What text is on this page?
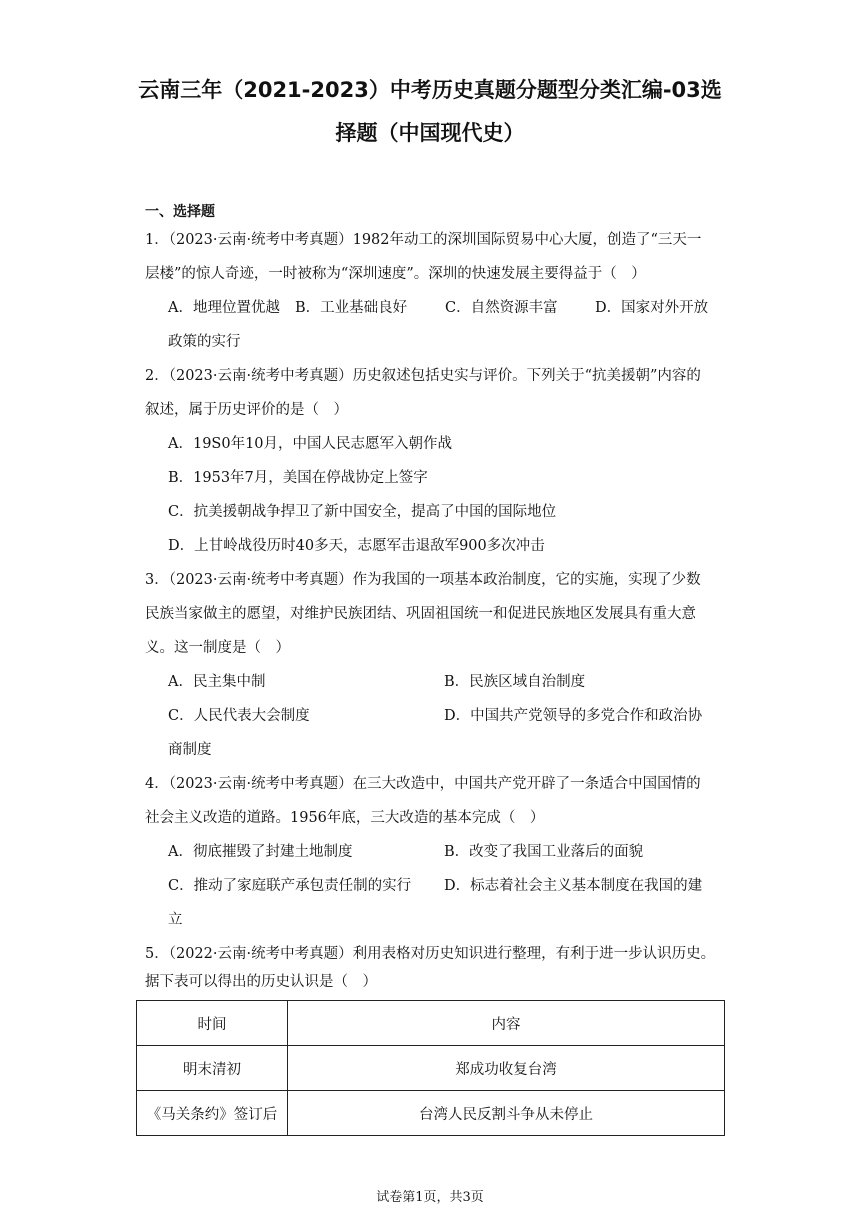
云南三年（2021-2023）中考历史真题分题型分类汇编-03选
择题（中国现代史）
一、选择题
1．（2023·云南·统考中考真题）1982年动工的深圳国际贸易中心大厦，创造了“三天一
层楼”的惊人奇迹，一时被称为“深圳速度”。深圳的快速发展主要得益于（　）
A．地理位置优越 B．工业基础良好	C．自然资源丰富	D．国家对外开放
政策的实行
2．（2023·云南·统考中考真题）历史叙述包括史实与评价。下列关于“抗美援朝”内容的
叙述，属于历史评价的是（　）
A．19S0年10月，中国人民志愿军入朝作战
B．1953年7月，美国在停战协定上签字
C．抗美援朝战争捍卫了新中国安全，提高了中国的国际地位
D．上甘岭战役历时40多天，志愿军击退敌军900多次冲击
3．（2023·云南·统考中考真题）作为我国的一项基本政治制度，它的实施，实现了少数
民族当家做主的愿望，对维护民族团结、巩固祖国统一和促进民族地区发展具有重大意
义。这一制度是（　）
A．民主集中制	B．民族区域自治制度
C．人民代表大会制度	D．中国共产党领导的多党合作和政治协
商制度
4．（2023·云南·统考中考真题）在三大改造中，中国共产党开辟了一条适合中国国情的
社会主义改造的道路。1956年底，三大改造的基本完成（　）
A．彻底摧毁了封建土地制度	B．改变了我国工业落后的面貌
C．推动了家庭联产承包责任制的实行 D．标志着社会主义基本制度在我国的建
立
5．（2022·云南·统考中考真题）利用表格对历史知识进行整理，有利于进一步认识历史。
据下表可以得出的历史认识是（　）
时间	内容
明末清初	郑成功收复台湾
《马关条约》签订后	台湾人民反割斗争从未停止
试卷第1页，共3页
